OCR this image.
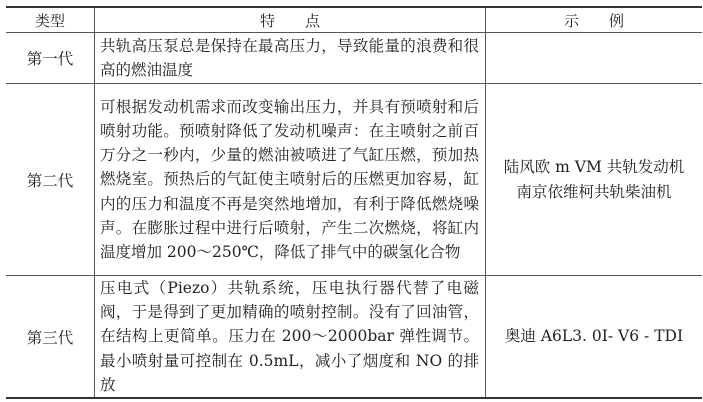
类型	特　　点	示　　例
第一代	共轨高压泵总是保持在最高压力，导致能量的浪费和很高的燃油温度	

第二代	可根据发动机需求而改变输出压力，并具有预喷射和后喷射功能。预喷射降低了发动机噪声：在主喷射之前百万分之一秒内，少量的燃油被喷进了气缸压燃，预加热燃烧室。预热后的气缸使主喷射后的压燃更加容易，缸内的压力和温度不再是突然地增加，有利于降低燃烧噪声。在膨胀过程中进行后喷射，产生二次燃烧，将缸内温度增加 200～250℃，降低了排气中的碳氢化合物	陆风欧 m VM 共轨发动机
南京依维柯共轨柴油机

第三代	压电式（Piezo）共轨系统，压电执行器代替了电磁阀，于是得到了更加精确的喷射控制。没有了回油管，在结构上更简单。压力在 200～2000bar 弹性调节。最小喷射量可控制在 0.5mL，减小了烟度和 NO 的排放	奥迪 A6L3. 0I- V6 - TDI
